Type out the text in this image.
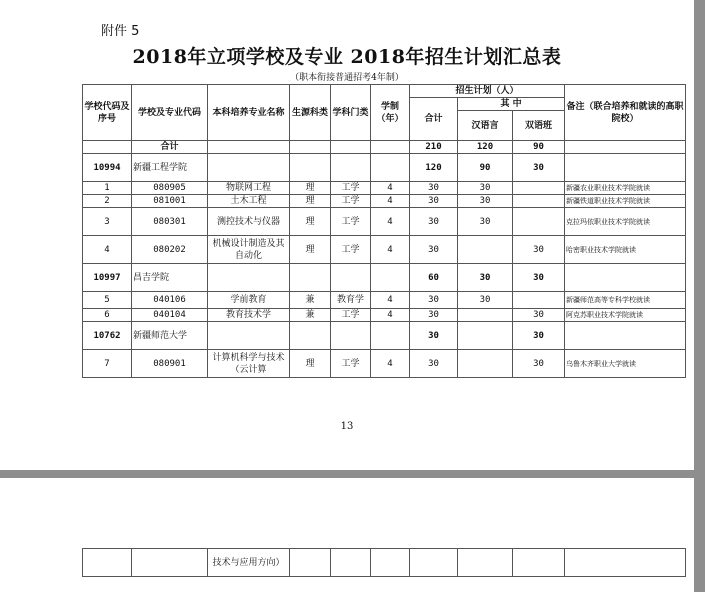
附件 5
2018年立项学校及专业 2018年招生计划汇总表
（职本衔接普通招考4年制）
学校代码及序号	学校及专业代码	本科培养专业名称	生源科类	学科门类	学制（年）	招生计划（人）			备注（联合培养和就读的高职院校）
						合计	其 中		
							汉语言	双语班	
	合计					210	120	90	
10994	新疆工程学院					120	90	30	
1	080905	物联网工程	理	工学	4	30	30		新疆农业职业技术学院就读
2	081001	土木工程	理	工学	4	30	30		新疆铁道职业技术学院就读
3	080301	测控技术与仪器	理	工学	4	30	30		克拉玛依职业技术学院就读
4	080202	机械设计制造及其自动化	理	工学	4	30		30	哈密职业技术学院就读
10997	昌吉学院					60	30	30	
5	040106	学前教育	兼	教育学	4	30	30		新疆师范高等专科学校就读
6	040104	教育技术学	兼	工学	4	30		30	阿克苏职业技术学院就读
10762	新疆师范大学					30		30	
7	080901	计算机科学与技术（云计算	理	工学	4	30		30	乌鲁木齐职业大学就读
13
		技术与应用方向）							
